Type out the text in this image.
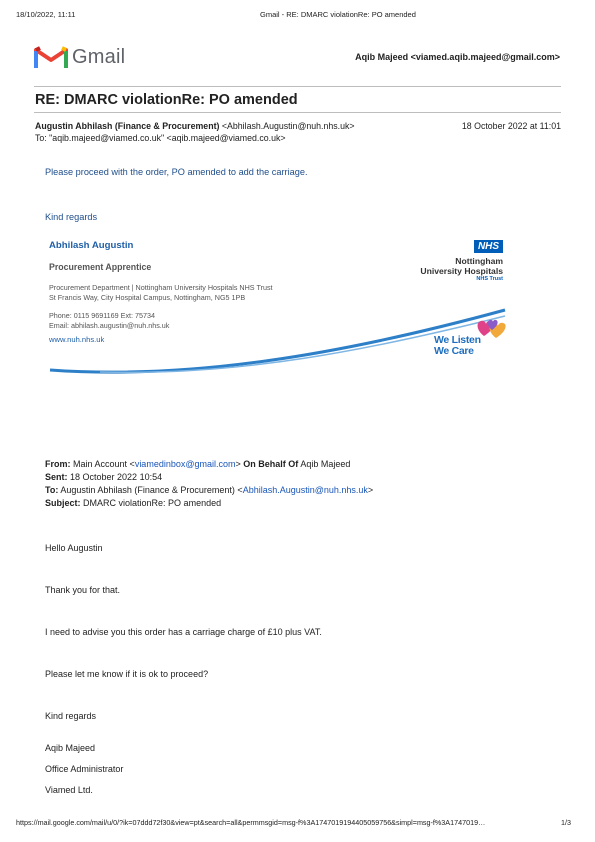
18/10/2022, 11:11	Gmail - RE: DMARC violationRe: PO amended
Gmail	Aqib Majeed <viamed.aqib.majeed@gmail.com>
RE: DMARC violationRe: PO amended
Augustin Abhilash (Finance & Procurement) <Abhilash.Augustin@nuh.nhs.uk>	18 October 2022 at 11:01
To: "aqib.majeed@viamed.co.uk" <aqib.majeed@viamed.co.uk>
Please proceed with the order, PO amended to add the carriage.
Kind regards
Abhilash Augustin
Procurement Apprentice
Procurement Department | Nottingham University Hospitals NHS Trust
St Francis Way, City Hospital Campus, Nottingham, NG5 1PB
Phone: 0115 9691169 Ext: 75734
Email: abhilash.augustin@nuh.nhs.uk
www.nuh.nhs.uk
NHS
Nottingham
University Hospitals
NHS Trust
We Listen
We Care
From: Main Account <viamedinbox@gmail.com> On Behalf Of Aqib Majeed
Sent: 18 October 2022 10:54
To: Augustin Abhilash (Finance & Procurement) <Abhilash.Augustin@nuh.nhs.uk>
Subject: DMARC violationRe: PO amended
Hello Augustin
Thank you for that.
I need to advise you this order has a carriage charge of £10 plus VAT.
Please let me know if it is ok to proceed?
Kind regards
Aqib Majeed
Office Administrator
Viamed Ltd.
https://mail.google.com/mail/u/0/?ik=07ddd72f30&view=pt&search=all&permmsgid=msg-f%3A1747019194405059756&simpl=msg-f%3A1747019…	1/3
